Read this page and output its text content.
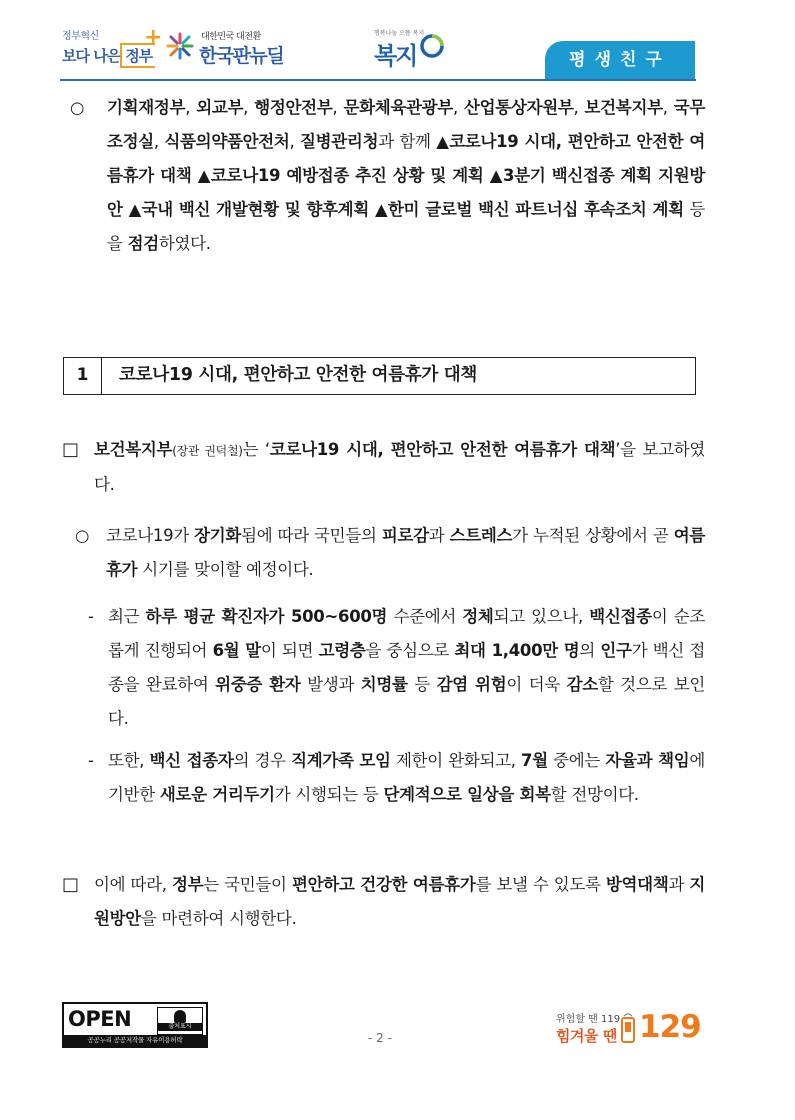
정부혁신
보다 나은 정부
+	대한민국 대전환
한국판뉴딜
행복나눔 으뜸 복지
복지	평생친구
○ 기획재정부, 외교부, 행정안전부, 문화체육관광부, 산업통상자원부, 보건복지부, 국무조정실, 식품의약품안전처, 질병관리청과 함께 ▲코로나19 시대, 편안하고 안전한 여름휴가 대책 ▲코로나19 예방접종 추진 상황 및 계획 ▲3분기 백신접종 계획 지원방안 ▲국내 백신 개발현황 및 향후계획 ▲한미 글로벌 백신 파트너십 후속조치 계획 등을 점검하였다.
1	코로나19 시대, 편안하고 안전한 여름휴가 대책
□ 보건복지부(장관 권덕철)는 ‘코로나19 시대, 편안하고 안전한 여름휴가 대책’을 보고하였다.
○ 코로나19가 장기화됨에 따라 국민들의 피로감과 스트레스가 누적된 상황에서 곧 여름휴가 시기를 맞이할 예정이다.
- 최근 하루 평균 확진자가 500~600명 수준에서 정체되고 있으나, 백신접종이 순조롭게 진행되어 6월 말이 되면 고령층을 중심으로 최대 1,400만 명의 인구가 백신 접종을 완료하여 위중증 환자 발생과 치명률 등 감염 위험이 더욱 감소할 것으로 보인다.
- 또한, 백신 접종자의 경우 직계가족 모임 제한이 완화되고, 7월 중에는 자율과 책임에 기반한 새로운 거리두기가 시행되는 등 단계적으로 일상을 회복할 전망이다.
□ 이에 따라, 정부는 국민들이 편안하고 건강한 여름휴가를 보낼 수 있도록 방역대책과 지원방안을 마련하여 시행한다.
OPEN	출처표시
공공누리 공공저작물 자유이용허락	- 2 -
위험할 땐 119
힘겨울 땐 129
